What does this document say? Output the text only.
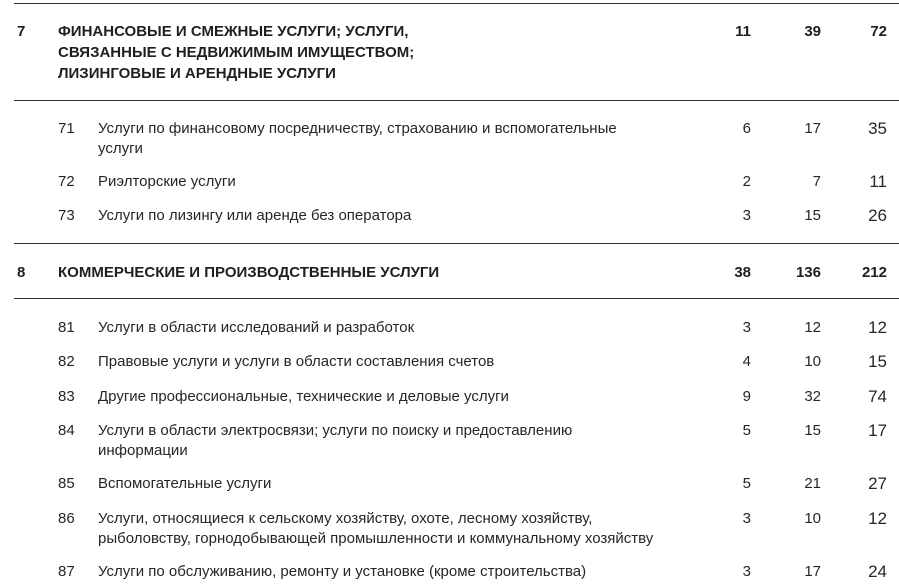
7 ФИНАНСОВЫЕ И СМЕЖНЫЕ УСЛУГИ; УСЛУГИ,
СВЯЗАННЫЕ С НЕДВИЖИМЫМ ИМУЩЕСТВОМ;
ЛИЗИНГОВЫЕ И АРЕНДНЫЕ УСЛУГИ
11	39	72
71 Услуги по финансовому посредничеству, страхованию и вспомогательные
услуги
6	17	35
72 Риэлторские услуги	2	7	11
73 Услуги по лизингу или аренде без оператора	3	15	26
8 КОММЕРЧЕСКИЕ И ПРОИЗВОДСТВЕННЫЕ УСЛУГИ	38	136	212
81 Услуги в области исследований и разработок	3	12	12
82 Правовые услуги и услуги в области составления счетов	4	10	15
83 Другие профессиональные, технические и деловые услуги	9	32	74
84 Услуги в области электросвязи; услуги по поиску и предоставлению
информации
5	15	17
85 Вспомогательные услуги	5	21	27
86 Услуги, относящиеся к сельскому хозяйству, охоте, лесному хозяйству,
рыболовству, горнодобывающей промышленности и коммунальному хозяйству
3	10	12
87 Услуги по обслуживанию, ремонту и установке (кроме строительства)	3	17	24
